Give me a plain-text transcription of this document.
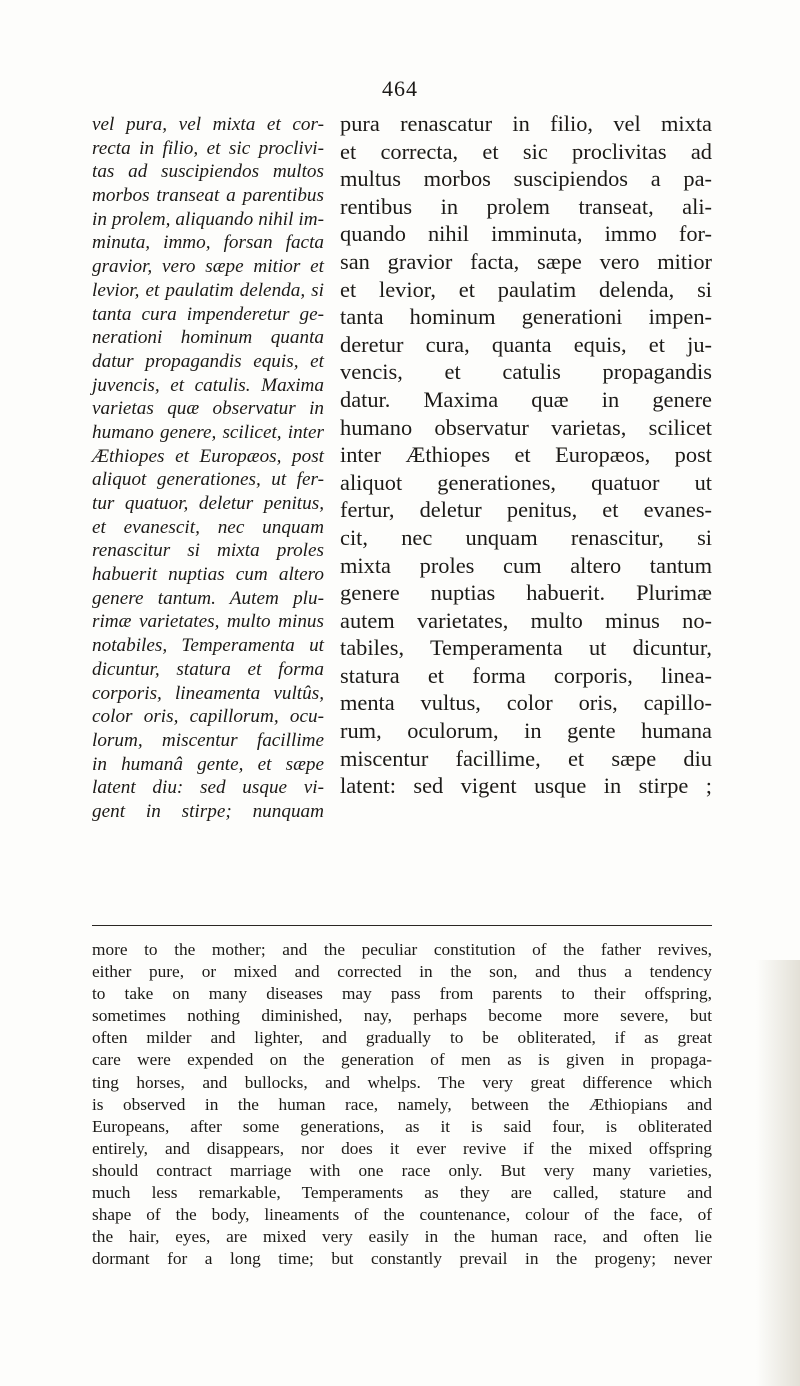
464
vel pura, vel mixta et cor-
recta in filio, et sic proclivi-
tas ad suscipiendos multos
morbos transeat a parentibus
in prolem, aliquando nihil im-
minuta, immo, forsan facta
gravior, vero sæpe mitior et
levior, et paulatim delenda, si
tanta cura impenderetur ge-
nerationi hominum quanta
datur propagandis equis, et
juvencis, et catulis. Maxima
varietas quæ observatur in
humano genere, scilicet, inter
Æthiopes et Europæos, post
aliquot generationes, ut fer-
tur quatuor, deletur penitus,
et evanescit, nec unquam
renascitur si mixta proles
habuerit nuptias cum altero
genere tantum. Autem plu-
rimæ varietates, multo minus
notabiles, Temperamenta ut
dicuntur, statura et forma
corporis, lineamenta vultûs,
color oris, capillorum, ocu-
lorum, miscentur facillime
in humanâ gente, et sæpe
latent diu: sed usque vi-
gent in stirpe; nunquam
pura renascatur in filio, vel mixta
et correcta, et sic proclivitas ad
multus morbos suscipiendos a pa-
rentibus in prolem transeat, ali-
quando nihil imminuta, immo for-
san gravior facta, sæpe vero mitior
et levior, et paulatim delenda, si
tanta hominum generationi impen-
deretur cura, quanta equis, et ju-
vencis, et catulis propagandis
datur. Maxima quæ in genere
humano observatur varietas, scilicet
inter Æthiopes et Europæos, post
aliquot generationes, quatuor ut
fertur, deletur penitus, et evanes-
cit, nec unquam renascitur, si
mixta proles cum altero tantum
genere nuptias habuerit. Plurimæ
autem varietates, multo minus no-
tabiles, Temperamenta ut dicuntur,
statura et forma corporis, linea-
menta vultus, color oris, capillo-
rum, oculorum, in gente humana
miscentur facillime, et sæpe diu
latent: sed vigent usque in stirpe ;
more to the mother; and the peculiar constitution of the father revives,
either pure, or mixed and corrected in the son, and thus a tendency
to take on many diseases may pass from parents to their offspring,
sometimes nothing diminished, nay, perhaps become more severe, but
often milder and lighter, and gradually to be obliterated, if as great
care were expended on the generation of men as is given in propaga-
ting horses, and bullocks, and whelps. The very great difference which
is observed in the human race, namely, between the Æthiopians and
Europeans, after some generations, as it is said four, is obliterated
entirely, and disappears, nor does it ever revive if the mixed offspring
should contract marriage with one race only. But very many varieties,
much less remarkable, Temperaments as they are called, stature and
shape of the body, lineaments of the countenance, colour of the face, of
the hair, eyes, are mixed very easily in the human race, and often lie
dormant for a long time; but constantly prevail in the progeny; never
